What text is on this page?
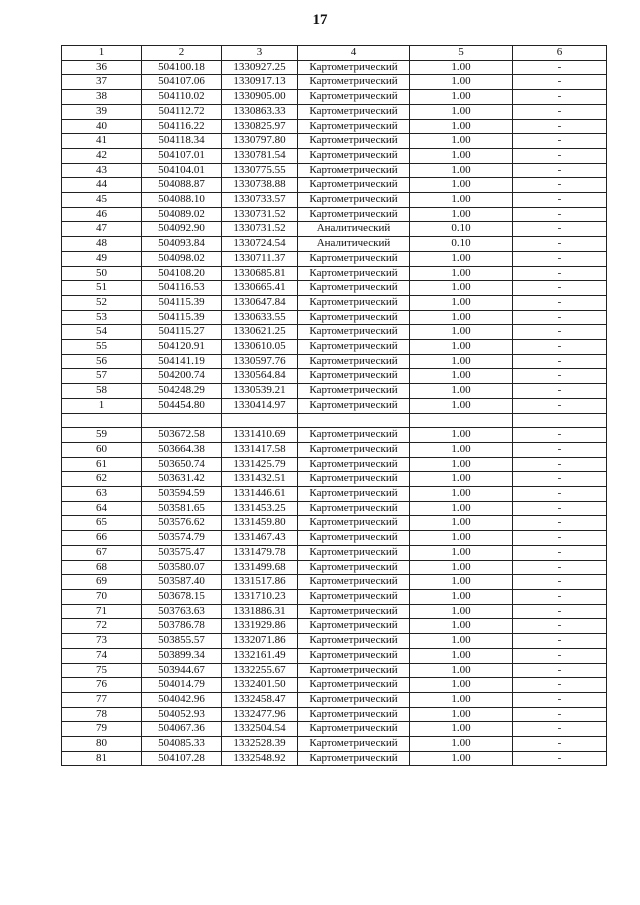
17
1	2	3	4	5	6
36	504100.18	1330927.25	Картометрический	1.00	-
37	504107.06	1330917.13	Картометрический	1.00	-
38	504110.02	1330905.00	Картометрический	1.00	-
39	504112.72	1330863.33	Картометрический	1.00	-
40	504116.22	1330825.97	Картометрический	1.00	-
41	504118.34	1330797.80	Картометрический	1.00	-
42	504107.01	1330781.54	Картометрический	1.00	-
43	504104.01	1330775.55	Картометрический	1.00	-
44	504088.87	1330738.88	Картометрический	1.00	-
45	504088.10	1330733.57	Картометрический	1.00	-
46	504089.02	1330731.52	Картометрический	1.00	-
47	504092.90	1330731.52	Аналитический	0.10	-
48	504093.84	1330724.54	Аналитический	0.10	-
49	504098.02	1330711.37	Картометрический	1.00	-
50	504108.20	1330685.81	Картометрический	1.00	-
51	504116.53	1330665.41	Картометрический	1.00	-
52	504115.39	1330647.84	Картометрический	1.00	-
53	504115.39	1330633.55	Картометрический	1.00	-
54	504115.27	1330621.25	Картометрический	1.00	-
55	504120.91	1330610.05	Картометрический	1.00	-
56	504141.19	1330597.76	Картометрический	1.00	-
57	504200.74	1330564.84	Картометрический	1.00	-
58	504248.29	1330539.21	Картометрический	1.00	-
1	504454.80	1330414.97	Картометрический	1.00	-

59	503672.58	1331410.69	Картометрический	1.00	-
60	503664.38	1331417.58	Картометрический	1.00	-
61	503650.74	1331425.79	Картометрический	1.00	-
62	503631.42	1331432.51	Картометрический	1.00	-
63	503594.59	1331446.61	Картометрический	1.00	-
64	503581.65	1331453.25	Картометрический	1.00	-
65	503576.62	1331459.80	Картометрический	1.00	-
66	503574.79	1331467.43	Картометрический	1.00	-
67	503575.47	1331479.78	Картометрический	1.00	-
68	503580.07	1331499.68	Картометрический	1.00	-
69	503587.40	1331517.86	Картометрический	1.00	-
70	503678.15	1331710.23	Картометрический	1.00	-
71	503763.63	1331886.31	Картометрический	1.00	-
72	503786.78	1331929.86	Картометрический	1.00	-
73	503855.57	1332071.86	Картометрический	1.00	-
74	503899.34	1332161.49	Картометрический	1.00	-
75	503944.67	1332255.67	Картометрический	1.00	-
76	504014.79	1332401.50	Картометрический	1.00	-
77	504042.96	1332458.47	Картометрический	1.00	-
78	504052.93	1332477.96	Картометрический	1.00	-
79	504067.36	1332504.54	Картометрический	1.00	-
80	504085.33	1332528.39	Картометрический	1.00	-
81	504107.28	1332548.92	Картометрический	1.00	-
